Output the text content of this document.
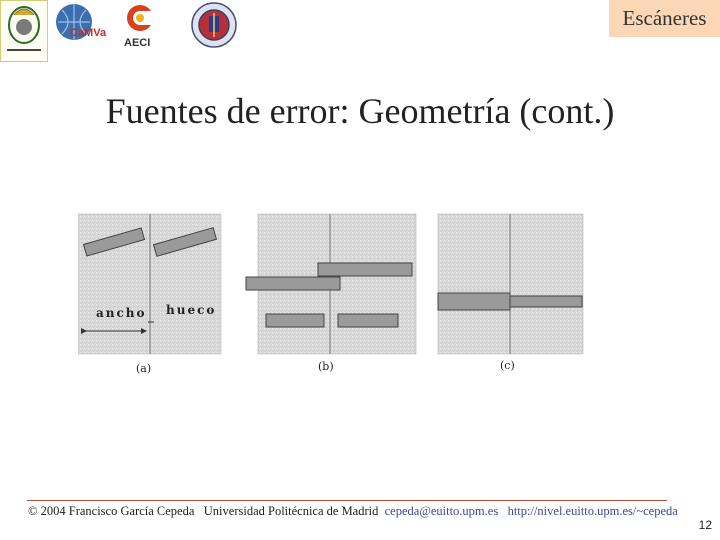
CaMVa
AECI
Escáneres
Fuentes de error: Geometría (cont.)
ancho hueco
(a)	(b)	(c)
© 2004 Francisco García Cepeda Universidad Politécnica de Madrid cepeda@euitto.upm.es http://nivel.euitto.upm.es/~cepeda
12
